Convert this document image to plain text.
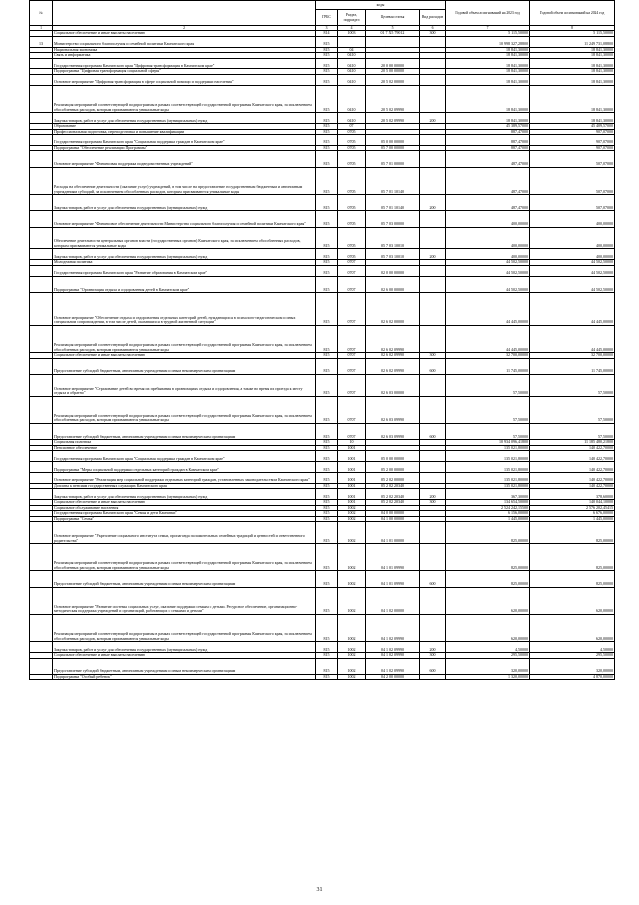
№		коды				Годовой объем ассигнований на 2023 год	Годовой объем ассигнований на 2024 год
		ГРБС	Раздел, подраздел	Целевая статья	Вид расходов		
1	2	3	4	5	6	7	8
	Социальное обеспечение и иные выплаты населению	814	1003	01 7 Х5 79012	300	5 115,50000	5 115,50000
13	Министерство социального благополучия и семейной политики Камчатского края	815				10 998 327,28800	11 249 731,08800
	Национальная экономика	815	04			18 841,30000	18 841,30000
	Связь и информатика	815	0410			18 841,30000	18 841,30000
	Государственная программа Камчатского края "Цифровая трансформация в Камчатском крае"	815	0410	20 0 00 00000		18 841,30000	18 841,30000
	Подпрограмма "Цифровая трансформация социальной сферы"	815	0410	20 5 00 00000		18 841,30000	18 841,30000
	Основное мероприятие "Цифровая трансформация в сфере социальной помощи и поддержки населения"	815	0410	20 5 02 00000		18 841,30000	18 841,30000
	Реализация мероприятий соответствующей подпрограммы в рамках соответствующей государственной программы Камчатского края, за исключением обособленных расходов, которым присваиваются уникальные коды	815	0410	20 5 02 09990		18 841,30000	18 841,30000
	Закупка товаров, работ и услуг для обеспечения государственных (муниципальных) нужд	815	0410	20 5 02 09990	200	18 841,30000	18 841,30000
	Образование	815	07			45 389,57000	45 409,57000
	Профессиональная подготовка, переподготовка и повышение квалификации	815	0705			887,47000	907,07000
	Государственная программа Камчатского края "Социальная поддержка граждан в Камчатском крае"	815	0705	05 0 00 00000		887,47000	907,07000
	Подпрограмма "Обеспечение реализации Программы"	815	0705	05 7 00 00000		887,47000	907,07000
	Основное мероприятие "Финансовая поддержка подведомственных учреждений"	815	0705	05 7 01 00000		487,47000	507,07000
	Расходы на обеспечение деятельности (оказание услуг) учреждений, в том числе на предоставление государственным бюджетным и автономным учреждениям субсидий, за исключением обособленных расходов, которым присваиваются уникальные коды	815	0705	05 7 01 10140		487,47000	507,07000
	Закупка товаров, работ и услуг для обеспечения государственных (муниципальных) нужд	815	0705	05 7 01 10140	200	487,47000	507,07000
	Основное мероприятие "Финансовое обеспечение деятельности Министерства социального благополучия и семейной политики Камчатского края"	815	0705	05 7 03 00000		400,00000	400,00000
	Обеспечение деятельности центральных органов власти (государственных органов) Камчатского края, за исключением обособленных расходов, которым присваиваются уникальные коды	815	0705	05 7 03 10010		400,00000	400,00000
	Закупка товаров, работ и услуг для обеспечения государственных (муниципальных) нужд	815	0705	05 7 03 10010	200	400,00000	400,00000
	Молодежная политика	815	0707			44 502,50000	44 502,50000
	Государственная программа Камчатского края "Развитие образования в Камчатском крае"	815	0707	02 0 00 00000		44 502,50000	44 502,50000
	Подпрограмма "Организация отдыха и оздоровления детей в Камчатском крае"	815	0707	02 6 00 00000		44 502,50000	44 502,50000
	Основное мероприятие "Обеспечение отдыха и оздоровления отдельных категорий детей, нуждающихся в психолого-педагогическом и иных специальном сопровождении, в том числе детей, оказавшихся в трудной жизненной ситуации"	815	0707	02 6 02 00000		44 445,00000	44 445,00000
	Реализация мероприятий соответствующей подпрограммы в рамках соответствующей государственной программы Камчатского края, за исключением обособленных расходов, которым присваиваются уникальные коды	815	0707	02 6 02 09990		44 445,00000	44 445,00000
	Социальное обеспечение и иные выплаты населению	815	0707	02 6 02 09990	300	32 700,00000	32 700,00000
	Предоставление субсидий бюджетным, автономным учреждениям и иным некоммерческим организациям	815	0707	02 6 02 09990	600	11 745,00000	11 745,00000
	Основное мероприятие "Страхование детей во время их пребывания в организациях отдыха и оздоровления, а также во время их проезда к месту отдыха и обратно"	815	0707	02 6 03 00000		57,50000	57,50000
	Реализация мероприятий соответствующей подпрограммы в рамках соответствующей государственной программы Камчатского края, за исключением обособленных расходов, которым присваиваются уникальные коды	815	0707	02 6 03 09990		57,50000	57,50000
	Предоставление субсидий бюджетным, автономным учреждениям и иным некоммерческим организациям	815	0707	02 6 03 09990	600	57,50000	57,50000
	Социальная политика	815	10			10 934 096,41800	11 185 480,21800
	Пенсионное обеспечение	815	1001			135 021,80000	140 422,70000
	Государственная программа Камчатского края "Социальная поддержка граждан в Камчатском крае"	815	1001	05 0 00 00000		135 021,80000	140 422,70000
	Подпрограмма "Меры социальной поддержки отдельных категорий граждан в Камчатском крае"	815	1001	05 2 00 00000		135 021,80000	140 422,70000
	Основное мероприятие "Реализация мер социальной поддержки отдельных категорий граждан, установленных законодательством Камчатского края"	815	1001	05 2 02 00000		135 021,80000	140 422,70000
	Доплаты к пенсиям государственных служащих Камчатского края	815	1001	05 2 02 20340		135 021,80000	140 422,70000
	Закупка товаров, работ и услуг для обеспечения государственных (муниципальных) нужд	815	1001	05 2 02 20340	200	367,30000	378,60000
	Социальное обеспечение и иные выплаты населению	815	1001	05 2 02 20340	300	134 654,50000	140 044,10000
	Социальное обслуживание населения	815	1002			2 524 242,15500	2 576 202,45415
	Государственная программа Камчатского края "Семья и дети Камчатки"	815	1002	04 0 00 00000		6 156,00000	6 676,00000
	Подпрограмма "Семья"	815	1002	04 1 00 00000		1 445,00000	1 445,00000
	Основное мероприятие "Укрепление социального института семьи, пропаганда положительных семейных традиций и ценностей и ответственного родительства"	815	1002	04 1 01 00000		825,00000	825,00000
	Реализация мероприятий соответствующей подпрограммы в рамках соответствующей государственной программы Камчатского края, за исключением обособленных расходов, которым присваиваются уникальные коды	815	1002	04 1 01 09990		825,00000	825,00000
	Предоставление субсидий бюджетным, автономным учреждениям и иным некоммерческим организациям	815	1002	04 1 01 09990	600	825,00000	825,00000
	Основное мероприятие "Развитие системы социальных услуг, оказание поддержки семьям с детьми. Ресурсное обеспечение, организационно-методическая поддержка учреждений и организаций, работающих с семьями и детьми"	815	1002	04 1 02 00000		620,00000	620,00000
	Реализация мероприятий соответствующей подпрограммы в рамках соответствующей государственной программы Камчатского края, за исключением обособленных расходов, которым присваиваются уникальные коды	815	1002	04 1 02 09990		620,00000	620,00000
	Закупка товаров, работ и услуг для обеспечения государственных (муниципальных) нужд	815	1002	04 1 02 09990	200	4,50000	4,50000
	Социальное обеспечение и иные выплаты населению	815	1002	04 1 02 09990	300	295,50000	295,50000
	Предоставление субсидий бюджетным, автономным учреждениям и иным некоммерческим организациям	815	1002	04 1 02 09990	600	320,00000	320,00000
	Подпрограмма "Особый ребенок"	815	1002	04 2 00 00000		1 320,00000	4 870,00000
31
